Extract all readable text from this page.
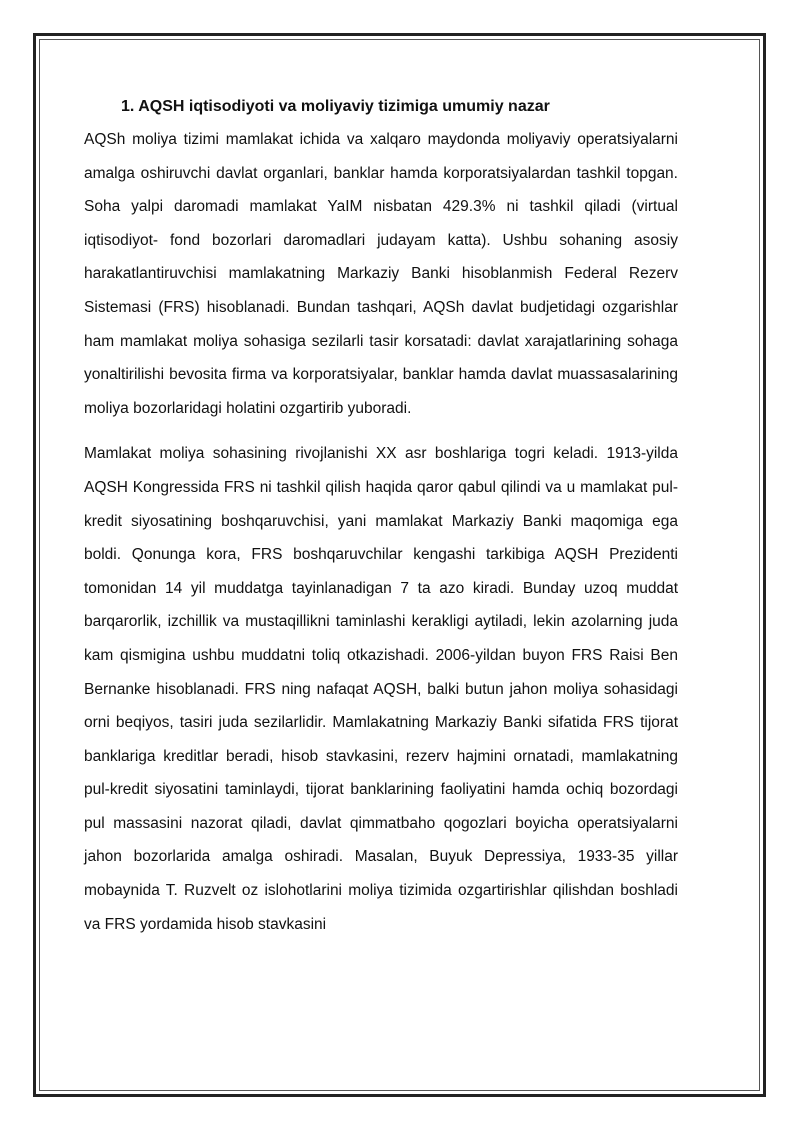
1. AQSH iqtisodiyoti va moliyaviy tizimiga umumiy nazar

AQSh moliya tizimi mamlakat ichida va xalqaro maydonda moliyaviy operatsiyalarni amalga oshiruvchi davlat organlari, banklar hamda korporatsiyalardan tashkil topgan. Soha yalpi daromadi mamlakat YaIM nisbatan 429.3% ni tashkil qiladi (virtual iqtisodiyot- fond bozorlari daromadlari judayam katta). Ushbu sohaning asosiy harakatlantiruvchisi mamlakatning Markaziy Banki hisoblanmish Federal Rezerv Sistemasi (FRS) hisoblanadi. Bundan tashqari, AQSh davlat budjetidagi ozgarishlar ham mamlakat moliya sohasiga sezilarli tasir korsatadi: davlat xarajatlarining sohaga yonaltirilishi bevosita firma va korporatsiyalar, banklar hamda davlat muassasalarining moliya bozorlaridagi holatini ozgartirib yuboradi.

Mamlakat moliya sohasining rivojlanishi XX asr boshlariga togri keladi. 1913-yilda AQSH Kongressida FRS ni tashkil qilish haqida qaror qabul qilindi va u mamlakat pul-kredit siyosatining boshqaruvchisi, yani mamlakat Markaziy Banki maqomiga ega boldi. Qonunga kora, FRS boshqaruvchilar kengashi tarkibiga AQSH Prezidenti tomonidan 14 yil muddatga tayinlanadigan 7 ta azo kiradi. Bunday uzoq muddat barqarorlik, izchillik va mustaqillikni taminlashi kerakligi aytiladi, lekin azolarning juda kam qismigina ushbu muddatni toliq otkazishadi. 2006-yildan buyon FRS Raisi Ben Bernanke hisoblanadi. FRS ning nafaqat AQSH, balki butun jahon moliya sohasidagi orni beqiyos, tasiri juda sezilarlidir. Mamlakatning Markaziy Banki sifatida FRS tijorat banklariga kreditlar beradi, hisob stavkasini, rezerv hajmini ornatadi, mamlakatning pul-kredit siyosatini taminlaydi, tijorat banklarining faoliyatini hamda ochiq bozordagi pul massasini nazorat qiladi, davlat qimmatbaho qogozlari boyicha operatsiyalarni jahon bozorlarida amalga oshiradi. Masalan, Buyuk Depressiya, 1933-35 yillar mobaynida T. Ruzvelt oz islohotlarini moliya tizimida ozgartirishlar qilishdan boshladi va FRS yordamida hisob stavkasini
